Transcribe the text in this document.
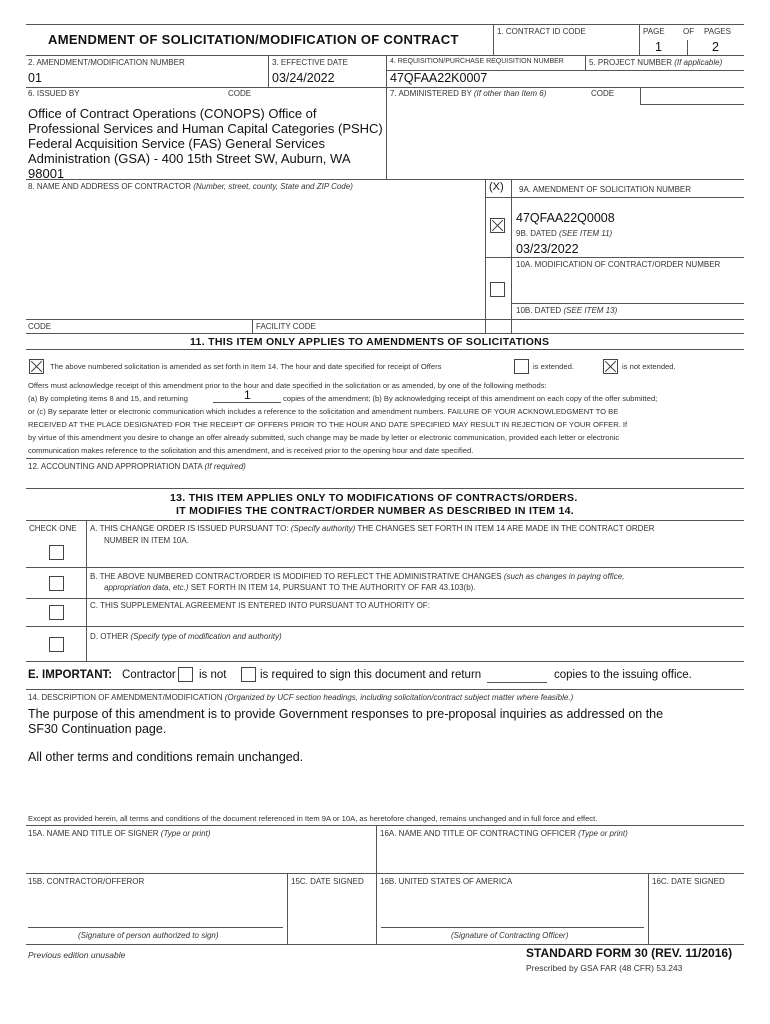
AMENDMENT OF SOLICITATION/MODIFICATION OF CONTRACT
1. CONTRACT ID CODE	PAGE OF PAGES
1	2
2. AMENDMENT/MODIFICATION NUMBER
01
3. EFFECTIVE DATE
03/24/2022
4. REQUISITION/PURCHASE REQUISITION NUMBER
47QFAA22K0007
5. PROJECT NUMBER (If applicable)
6. ISSUED BY	CODE
Office of Contract Operations (CONOPS) Office of Professional Services and Human Capital Categories (PSHC) Federal Acquisition Service (FAS) General Services Administration (GSA) - 400 15th Street SW, Auburn, WA 98001
7. ADMINISTERED BY (If other than Item 6)	CODE
8. NAME AND ADDRESS OF CONTRACTOR (Number, street, county, State and ZIP Code)	(X) 9A. AMENDMENT OF SOLICITATION NUMBER
47QFAA22Q0008
9B. DATED (SEE ITEM 11)
03/23/2022
10A. MODIFICATION OF CONTRACT/ORDER NUMBER
10B. DATED (SEE ITEM 13)
CODE	FACILITY CODE
11. THIS ITEM ONLY APPLIES TO AMENDMENTS OF SOLICITATIONS
The above numbered solicitation is amended as set forth in Item 14. The hour and date specified for receipt of Offers	is extended.	is not extended.
Offers must acknowledge receipt of this amendment prior to the hour and date specified in the solicitation or as amended, by one of the following methods:
(a) By completing items 8 and 15, and returning	1	copies of the amendment; (b) By acknowledging receipt of this amendment on each copy of the offer submitted;
or (c) By separate letter or electronic communication which includes a reference to the solicitation and amendment numbers. FAILURE OF YOUR ACKNOWLEDGMENT TO BE
RECEIVED AT THE PLACE DESIGNATED FOR THE RECEIPT OF OFFERS PRIOR TO THE HOUR AND DATE SPECIFIED MAY RESULT IN REJECTION OF YOUR OFFER. If
by virtue of this amendment you desire to change an offer already submitted, such change may be made by letter or electronic communication, provided each letter or electronic
communication makes reference to the solicitation and this amendment, and is received prior to the opening hour and date specified.
12. ACCOUNTING AND APPROPRIATION DATA (If required)
13. THIS ITEM APPLIES ONLY TO MODIFICATIONS OF CONTRACTS/ORDERS.
IT MODIFIES THE CONTRACT/ORDER NUMBER AS DESCRIBED IN ITEM 14.
CHECK ONE A. THIS CHANGE ORDER IS ISSUED PURSUANT TO: (Specify authority) THE CHANGES SET FORTH IN ITEM 14 ARE MADE IN THE CONTRACT ORDER
NUMBER IN ITEM 10A.
B. THE ABOVE NUMBERED CONTRACT/ORDER IS MODIFIED TO REFLECT THE ADMINISTRATIVE CHANGES (such as changes in paying office,
appropriation data, etc.) SET FORTH IN ITEM 14, PURSUANT TO THE AUTHORITY OF FAR 43.103(b).
C. THIS SUPPLEMENTAL AGREEMENT IS ENTERED INTO PURSUANT TO AUTHORITY OF:
D. OTHER (Specify type of modification and authority)
E. IMPORTANT: Contractor is not	is required to sign this document and return	copies to the issuing office.
14. DESCRIPTION OF AMENDMENT/MODIFICATION (Organized by UCF section headings, including solicitation/contract subject matter where feasible.)
The purpose of this amendment is to provide Government responses to pre-proposal inquiries as addressed on the
SF30 Continuation page.
All other terms and conditions remain unchanged.
Except as provided herein, all terms and conditions of the document referenced in Item 9A or 10A, as heretofore changed, remains unchanged and in full force and effect.
15A. NAME AND TITLE OF SIGNER (Type or print)	16A. NAME AND TITLE OF CONTRACTING OFFICER (Type or print)
15B. CONTRACTOR/OFFEROR	15C. DATE SIGNED 16B. UNITED STATES OF AMERICA	16C. DATE SIGNED
(Signature of person authorized to sign)	(Signature of Contracting Officer)
Previous edition unusable	STANDARD FORM 30 (REV. 11/2016)
Prescribed by GSA FAR (48 CFR) 53.243
